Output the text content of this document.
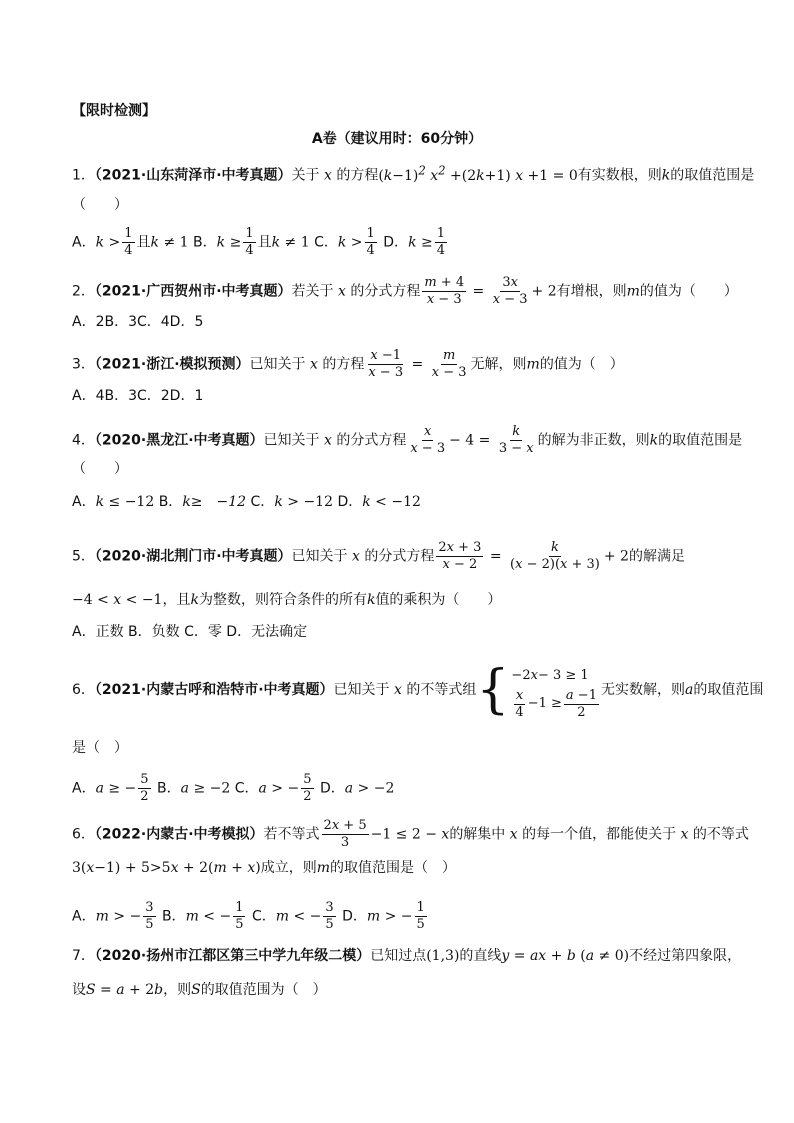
【限时检测】
A卷（建议用时：60分钟）
1．（2021·山东菏泽市·中考真题）关于 x 的方程$(k-1)^2$ $x^2 +(2k+1)$ x +1 = 0有实数根，则k的取值范围是
（　　）
A．$k > \frac{1}{4}$ 且k ≠ 1 B．$k \ge \frac{1}{4}$ 且k ≠ 1 C．$k > \frac{1}{4}$ D．$k \ge \frac{1}{4}$
2．（2021·广西贺州市·中考真题）若关于 x 的分式方程 $\frac{m + 4}{x - 3} = \frac{3x}{x - 3} + 2$有增根，则m的值为（　　）
A．2B．3C．4D．5
3．（2021·浙江·模拟预测）已知关于 x 的方程 $\frac{x -1}{x - 3} = \frac{m}{x - 3}$ 无解，则m的值为（　）
A．4B．3C．2D．1
4．（2020·黑龙江·中考真题）已知关于 x 的分式方程 $\frac{x}{x - 3} - 4 = \frac{k}{3 - x}$ 的解为非正数，则k的取值范围是
（　　）
A．k ≤ −12 B．k≥　−12 C．k > −12 D．k < −12
5．（2020·湖北荆门市·中考真题）已知关于 x 的分式方程 $\frac{2x + 3}{x - 2} = \frac{k}{(x - 2)(x + 3)} + 2$的解满足
−4 < x < −1，且k为整数，则符合条件的所有k值的乘积为（　　）
A．正数 B．负数 C．零 D．无法确定
6．（2021·内蒙古呼和浩特市·中考真题）已知关于 x 的不等式组{ −2 x − 3 ≥ 1
$\frac{x}{4} -1 \ge \frac{a -1}{2}$ 无实数解，则a的取值范围
是（　）
A．a ≥ − $\frac{5}{2}$ B．a ≥ −2 C．a > − $\frac{5}{2}$ D．a > −2
6．（2022·内蒙古·中考模拟）若不等式 $\frac{2x + 5}{3} -1 \le 2 - x$的解集中 x 的每一个值，都能使关于 x 的不等式
3(x−1) + 5>5x + 2(m + x)成立，则m的取值范围是（　）
A．m > − $\frac{3}{5}$ B．m < − $\frac{1}{5}$ C．m < − $\frac{3}{5}$ D．m > − $\frac{1}{5}$
7．（2020·扬州市江都区第三中学九年级二模）已知过点(1,3)的直线y = ax + b (a ≠ 0)不经过第四象限，
设S = a + 2b，则S的取值范围为（　）
